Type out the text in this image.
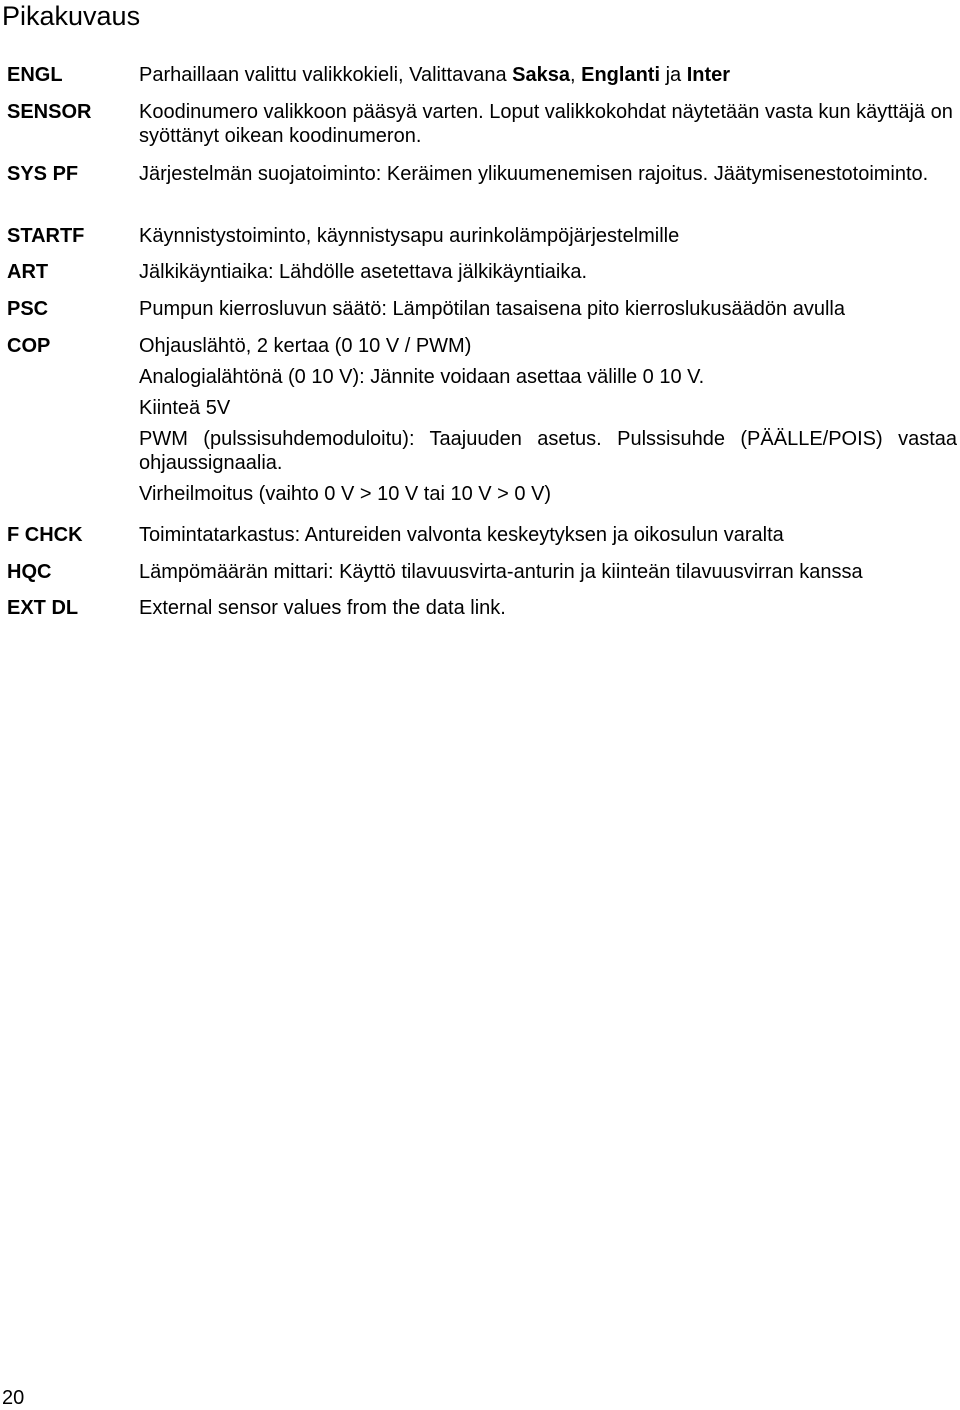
Pikakuvaus
ENGL	Parhaillaan valittu valikkokieli, Valittavana Saksa, Englanti ja Inter
SENSOR Koodinumero valikkoon pääsyä varten. Loput valikkokohdat näytetään vasta kun käyttäjä on syöttänyt oikean koodinumeron.
SYS PF	Järjestelmän suojatoiminto: Keräimen ylikuumenemisen rajoitus. Jäätymisenestotoiminto.
STARTF	Käynnistystoiminto, käynnistysapu aurinkolämpöjärjestelmille
ART	Jälkikäyntiaika: Lähdölle asetettava jälkikäyntiaika.
PSC	Pumpun kierrosluvun säätö: Lämpötilan tasaisena pito kierroslukusäädön avulla
COP	Ohjauslähtö, 2 kertaa (0 10 V / PWM)

Analogialähtönä (0 10 V): Jännite voidaan asettaa välille 0 10 V.

Kiinteä 5V

PWM (pulssisuhdemoduloitu): Taajuuden asetus. Pulssisuhde (PÄÄLLE/POIS) vastaa ohjaussignaalia.

Virheilmoitus (vaihto 0 V > 10 V tai 10 V > 0 V)

F CHCK	Toimintatarkastus: Antureiden valvonta keskeytyksen ja oikosulun varalta
HQC	Lämpömäärän mittari: Käyttö tilavuusvirta-anturin ja kiinteän tilavuusvirran kanssa
EXT DL	External sensor values from the data link.
20
